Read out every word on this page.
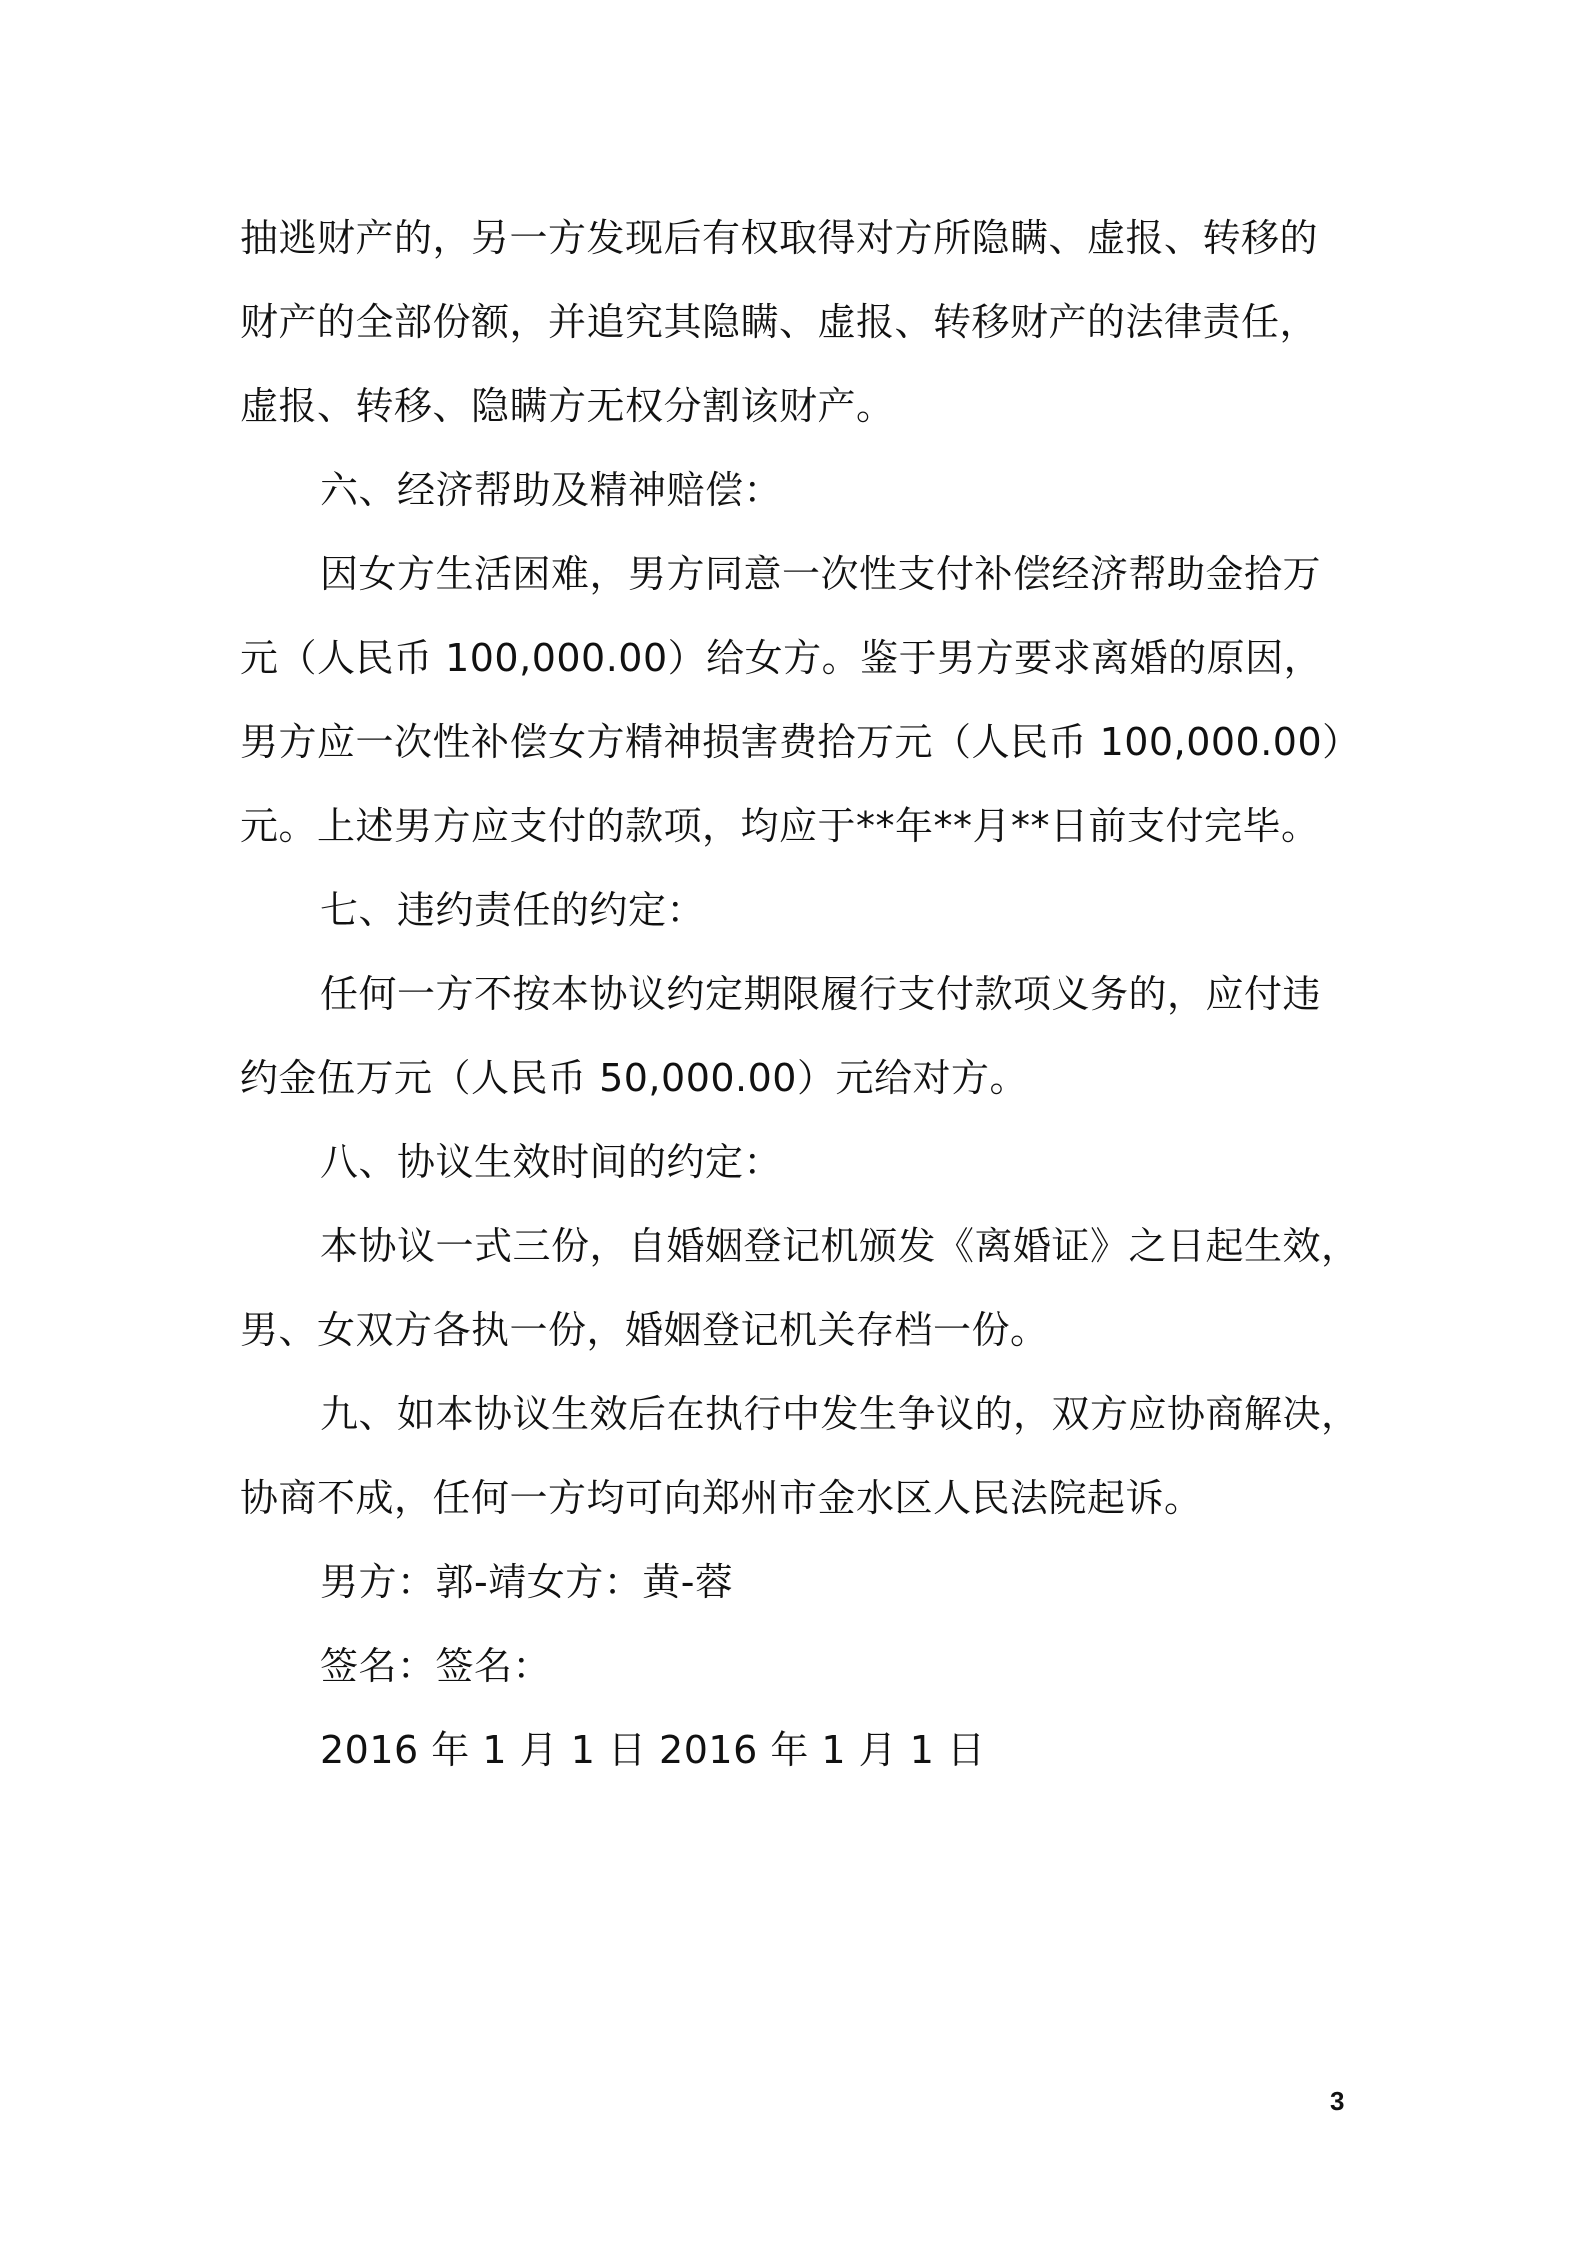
抽逃财产的，另一方发现后有权取得对方所隐瞒、虚报、转移的
财产的全部份额，并追究其隐瞒、虚报、转移财产的法律责任，
虚报、转移、隐瞒方无权分割该财产。
六、经济帮助及精神赔偿：
因女方生活困难，男方同意一次性支付补偿经济帮助金拾万
元（人民币 100,000.00）给女方。鉴于男方要求离婚的原因，
男方应一次性补偿女方精神损害费拾万元（人民币 100,000.00）
元。上述男方应支付的款项，均应于**年**月**日前支付完毕。
七、违约责任的约定：
任何一方不按本协议约定期限履行支付款项义务的，应付违
约金伍万元（人民币 50,000.00）元给对方。
八、协议生效时间的约定：
本协议一式三份，自婚姻登记机颁发《离婚证》之日起生效，
男、女双方各执一份，婚姻登记机关存档一份。
九、如本协议生效后在执行中发生争议的，双方应协商解决，
协商不成，任何一方均可向郑州市金水区人民法院起诉。
男方：郭-靖女方：黄-蓉
签名：签名：
2016 年 1 月 1 日 2016 年 1 月 1 日
3
